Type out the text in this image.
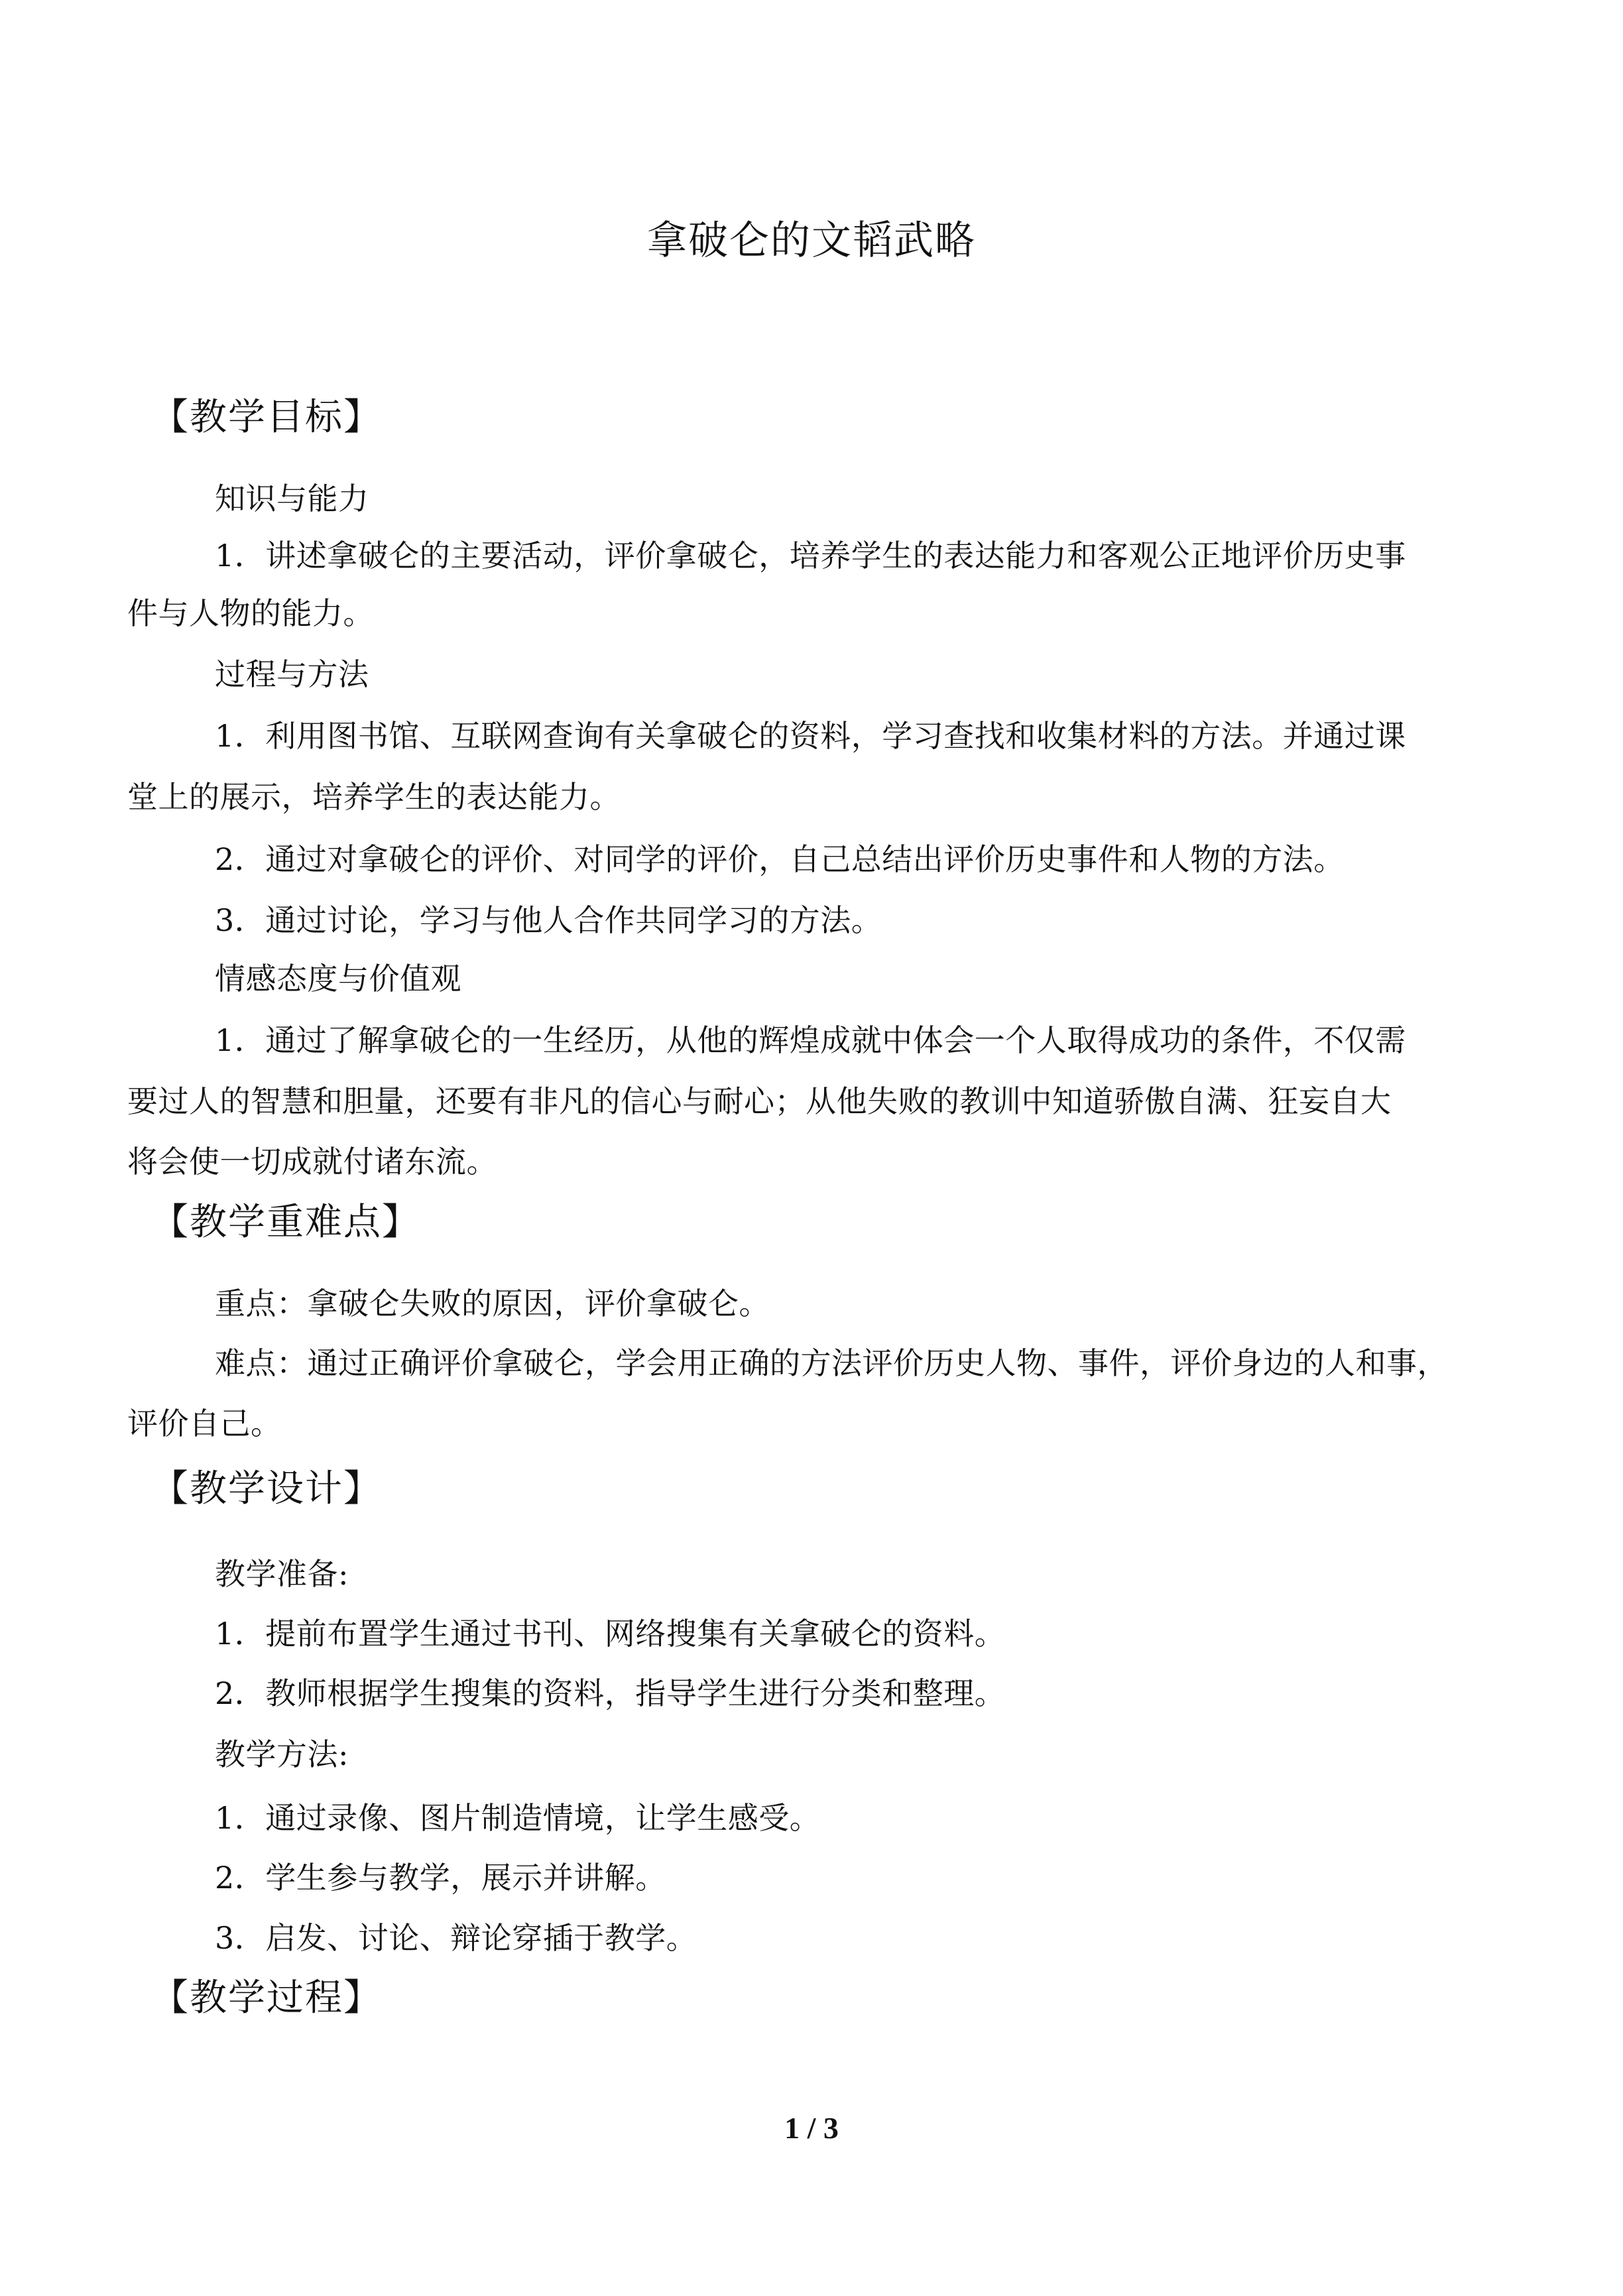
拿破仑的文韬武略
【教学目标】
知识与能力
1．讲述拿破仑的主要活动，评价拿破仑，培养学生的表达能力和客观公正地评价历史事
件与人物的能力。
过程与方法
1．利用图书馆、互联网查询有关拿破仑的资料，学习查找和收集材料的方法。并通过课
堂上的展示，培养学生的表达能力。
2．通过对拿破仑的评价、对同学的评价，自己总结出评价历史事件和人物的方法。
3．通过讨论，学习与他人合作共同学习的方法。
情感态度与价值观
1．通过了解拿破仑的一生经历，从他的辉煌成就中体会一个人取得成功的条件，不仅需
要过人的智慧和胆量，还要有非凡的信心与耐心；从他失败的教训中知道骄傲自满、狂妄自大
将会使一切成就付诸东流。
【教学重难点】
重点：拿破仑失败的原因，评价拿破仑。
难点：通过正确评价拿破仑，学会用正确的方法评价历史人物、事件，评价身边的人和事，
评价自己。
【教学设计】
教学准备:
1．提前布置学生通过书刊、网络搜集有关拿破仑的资料。
2．教师根据学生搜集的资料，指导学生进行分类和整理。
教学方法:
1．通过录像、图片制造情境，让学生感受。
2．学生参与教学，展示并讲解。
3．启发、讨论、辩论穿插于教学。
【教学过程】
1 / 3
